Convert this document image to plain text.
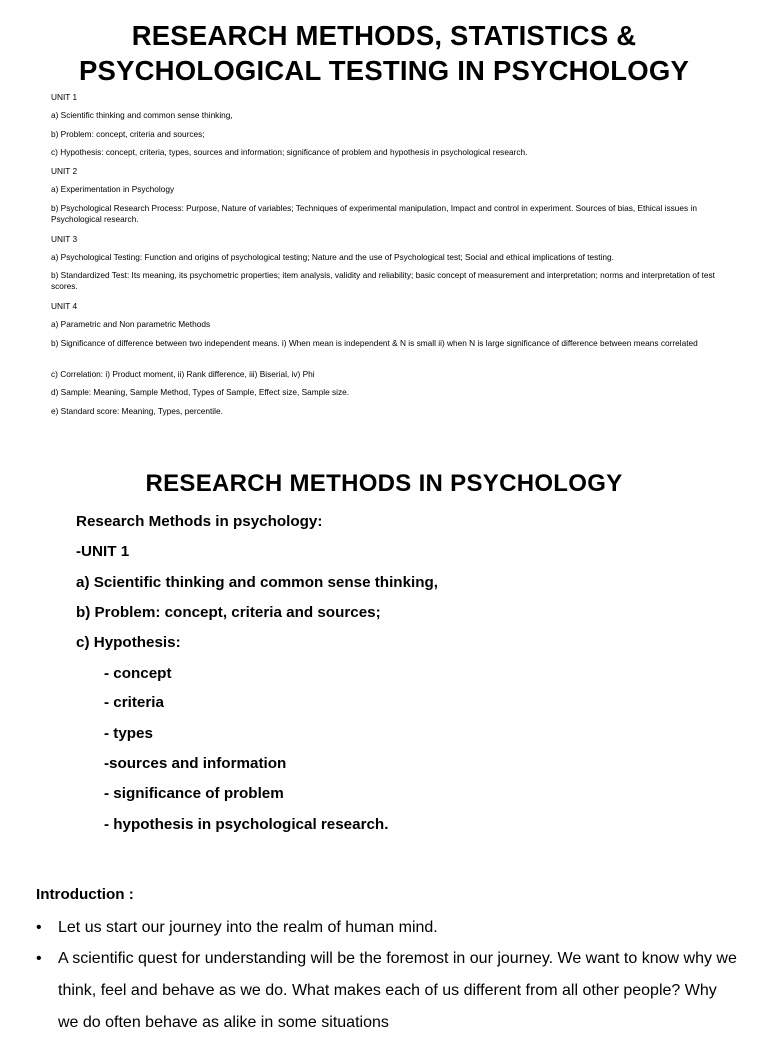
RESEARCH METHODS, STATISTICS &
PSYCHOLOGICAL TESTING IN PSYCHOLOGY

UNIT 1

a) Scientific thinking and common sense thinking,

b) Problem: concept, criteria and sources;

c) Hypothesis: concept, criteria, types, sources and information; significance of problem and hypothesis in psychological research.

UNIT 2

a) Experimentation in Psychology

b) Psychological Research Process: Purpose, Nature of variables; Techniques of experimental manipulation, Impact and control in experiment. Sources of bias, Ethical issues in Psychological research.

UNIT 3

a) Psychological Testing: Function and origins of psychological testing; Nature and the use of Psychological test; Social and ethical implications of testing.

b) Standardized Test: Its meaning, its psychometric properties; item analysis, validity and reliability; basic concept of measurement and interpretation; norms and interpretation of test scores.

UNIT 4

a) Parametric and Non parametric Methods

b) Significance of difference between two independent means. i) When mean is independent & N is small ii) when N is large significance of difference between means correlated

c) Correlation: i) Product moment, ii) Rank difference, iii) Biserial, iv) Phi

d) Sample: Meaning, Sample Method, Types of Sample, Effect size, Sample size.

e) Standard score: Meaning, Types, percentile.

RESEARCH METHODS IN PSYCHOLOGY
Research Methods in psychology:
-UNIT 1
a) Scientific thinking and common sense thinking,
b) Problem: concept, criteria and sources;
c) Hypothesis:
- concept
- criteria
- types
-sources and information
- significance of problem
- hypothesis in psychological research.
Introduction :
• Let us start our journey into the realm of human mind.
• A scientific quest for understanding will be the foremost in our journey. We want to know why we think, feel and behave as we do. What makes each of us different from all other people? Why we do often behave as alike in some situations
